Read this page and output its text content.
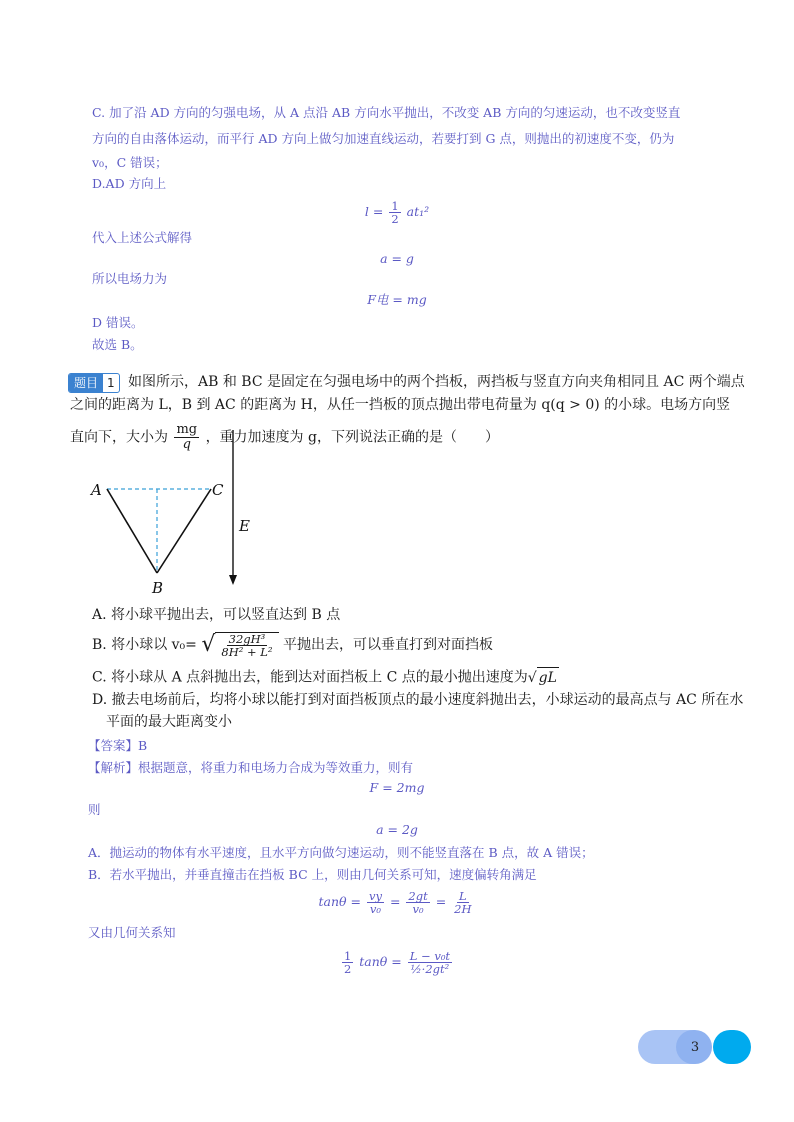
C. 加了沿 AD 方向的匀强电场，从 A 点沿 AB 方向水平抛出，不改变 AB 方向的匀速运动，也不改变竖直
方向的自由落体运动，而平行 AD 方向上做匀加速直线运动，若要打到 G 点，则抛出的初速度不变，仍为
v₀，C 错误；
D.AD 方向上
$l = \frac{1}{2} at_1^2$
代入上述公式解得
a = g
所以电场力为
F电 = mg
D 错误。
故选 B。
题目 1 如图所示，AB 和 BC 是固定在匀强电场中的两个挡板，两挡板与竖直方向夹角相同且 AC 两个端点
之间的距离为 L，B 到 AC 的距离为 H，从任一挡板的顶点抛出带电荷量为 q(q > 0) 的小球。电场方向竖
直向下，大小为 $\frac{mg}{q}$ ，重力加速度为 g，下列说法正确的是（　　）
A	C
B
E
A. 将小球平抛出去，可以竖直达到 B 点
B. 将小球以 v₀= √ $\frac{\text{32gH³}}{\text{8H² + L²}}$ 平抛出去，可以垂直打到对面挡板
C. 将小球从 A 点斜抛出去，能到达对面挡板上 C 点的最小抛出速度为 √ gL
D. 撤去电场前后，均将小球以能打到对面挡板顶点的最小速度斜抛出去，小球运动的最高点与 AC 所在水
平面的最大距离变小
【答案】B
【解析】根据题意，将重力和电场力合成为等效重力，则有
F = 2mg
则
a = 2g
A．抛运动的物体有水平速度，且水平方向做匀速运动，则不能竖直落在 B 点，故 A 错误；
B．若水平抛出，并垂直撞击在挡板 BC 上，则由几何关系可知，速度偏转角满足
$\tan\theta = \frac{vy}{\text{v₀}} = \frac{2gt}{\text{v₀}} = \frac{L}{2H}$
又由几何关系知
$\frac{1}{2}$ $\tan\theta = \frac{\text{L − v₀t}}{\text{½·2gt²}}$
3
